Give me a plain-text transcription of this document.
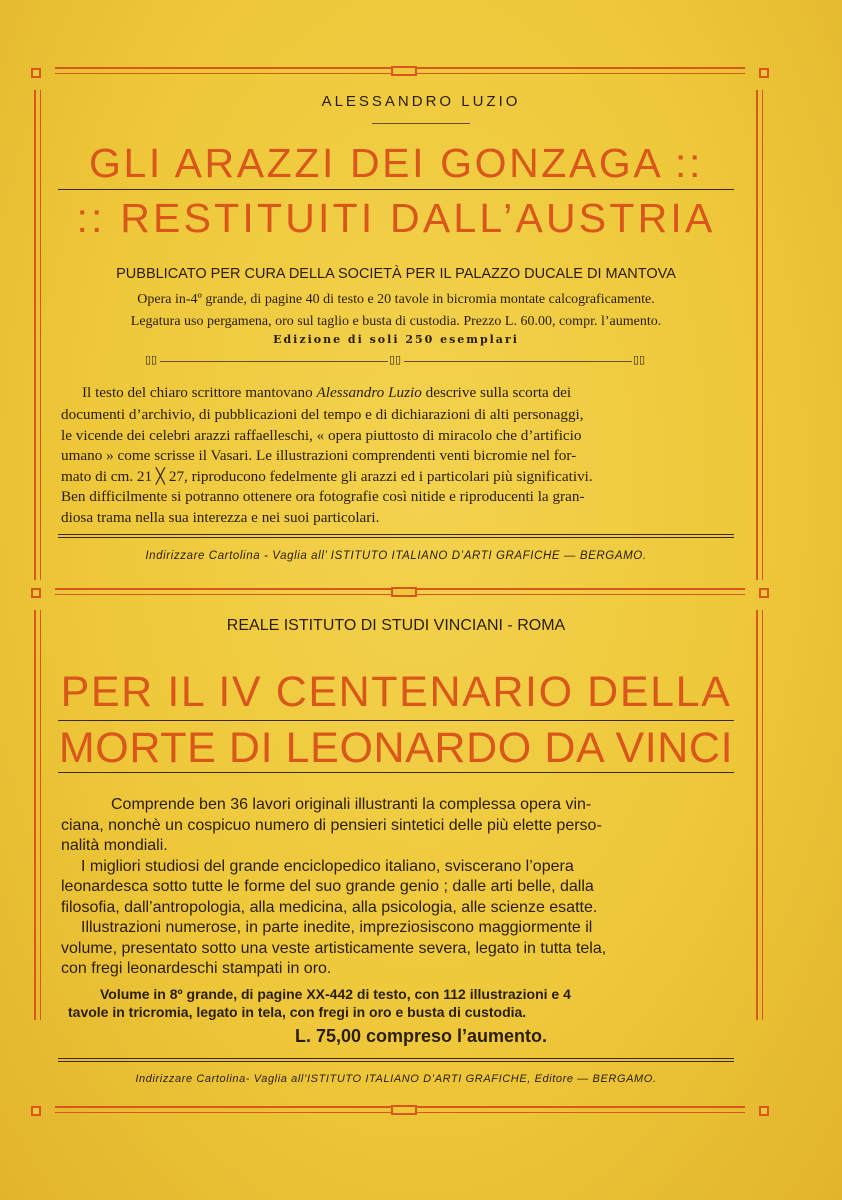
ALESSANDRO LUZIO
GLI ARAZZI DEI GONZAGA ::
:: RESTITUITI DALL’AUSTRIA
PUBBLICATO PER CURA DELLA SOCIETÀ PER IL PALAZZO DUCALE DI MANTOVA
Opera in-4º grande, di pagine 40 di testo e 20 tavole in bicromia montate calcograficamente.
Legatura uso pergamena, oro sul taglio e busta di custodia. Prezzo L. 60.00, compr. l’aumento.
Edizione di soli 250 esemplari
▯▯	▯▯	▯▯
Il testo del chiaro scrittore mantovano Alessandro Luzio descrive sulla scorta dei
documenti d’archivio, di pubblicazioni del tempo e di dichiarazioni di alti personaggi,
le vicende dei celebri arazzi raffaelleschi, « opera piuttosto di miracolo che d’artificio
umano » come scrisse il Vasari. Le illustrazioni comprendenti venti bicromie nel for-
mato di cm. 21 ╳ 27, riproducono fedelmente gli arazzi ed i particolari più significativi.
Ben difficilmente si potranno ottenere ora fotografie così nitide e riproducenti la gran-
diosa trama nella sua interezza e nei suoi particolari.
Indirizzare Cartolina - Vaglia all’ ISTITUTO ITALIANO D’ARTI GRAFICHE — BERGAMO.
REALE ISTITUTO DI STUDI VINCIANI - ROMA
PER IL IV CENTENARIO DELLA
MORTE DI LEONARDO DA VINCI
Comprende ben 36 lavori originali illustranti la complessa opera vin-
ciana, nonchè un cospicuo numero di pensieri sintetici delle più elette perso-
nalità mondiali.
I migliori studiosi del grande enciclopedico italiano, sviscerano l’opera
leonardesca sotto tutte le forme del suo grande genio ; dalle arti belle, dalla
filosofia, dall’antropologia, alla medicina, alla psicologia, alle scienze esatte.
Illustrazioni numerose, in parte inedite, impreziosiscono maggiormente il
volume, presentato sotto una veste artisticamente severa, legato in tutta tela,
con fregi leonardeschi stampati in oro.
Volume in 8º grande, di pagine XX-442 di testo, con 112 illustrazioni e 4
tavole in tricromia, legato in tela, con fregi in oro e busta di custodia.
L. 75,00 compreso l’aumento.
Indirizzare Cartolina- Vaglia all’ISTITUTO ITALIANO D’ARTI GRAFICHE, Editore — BERGAMO.
